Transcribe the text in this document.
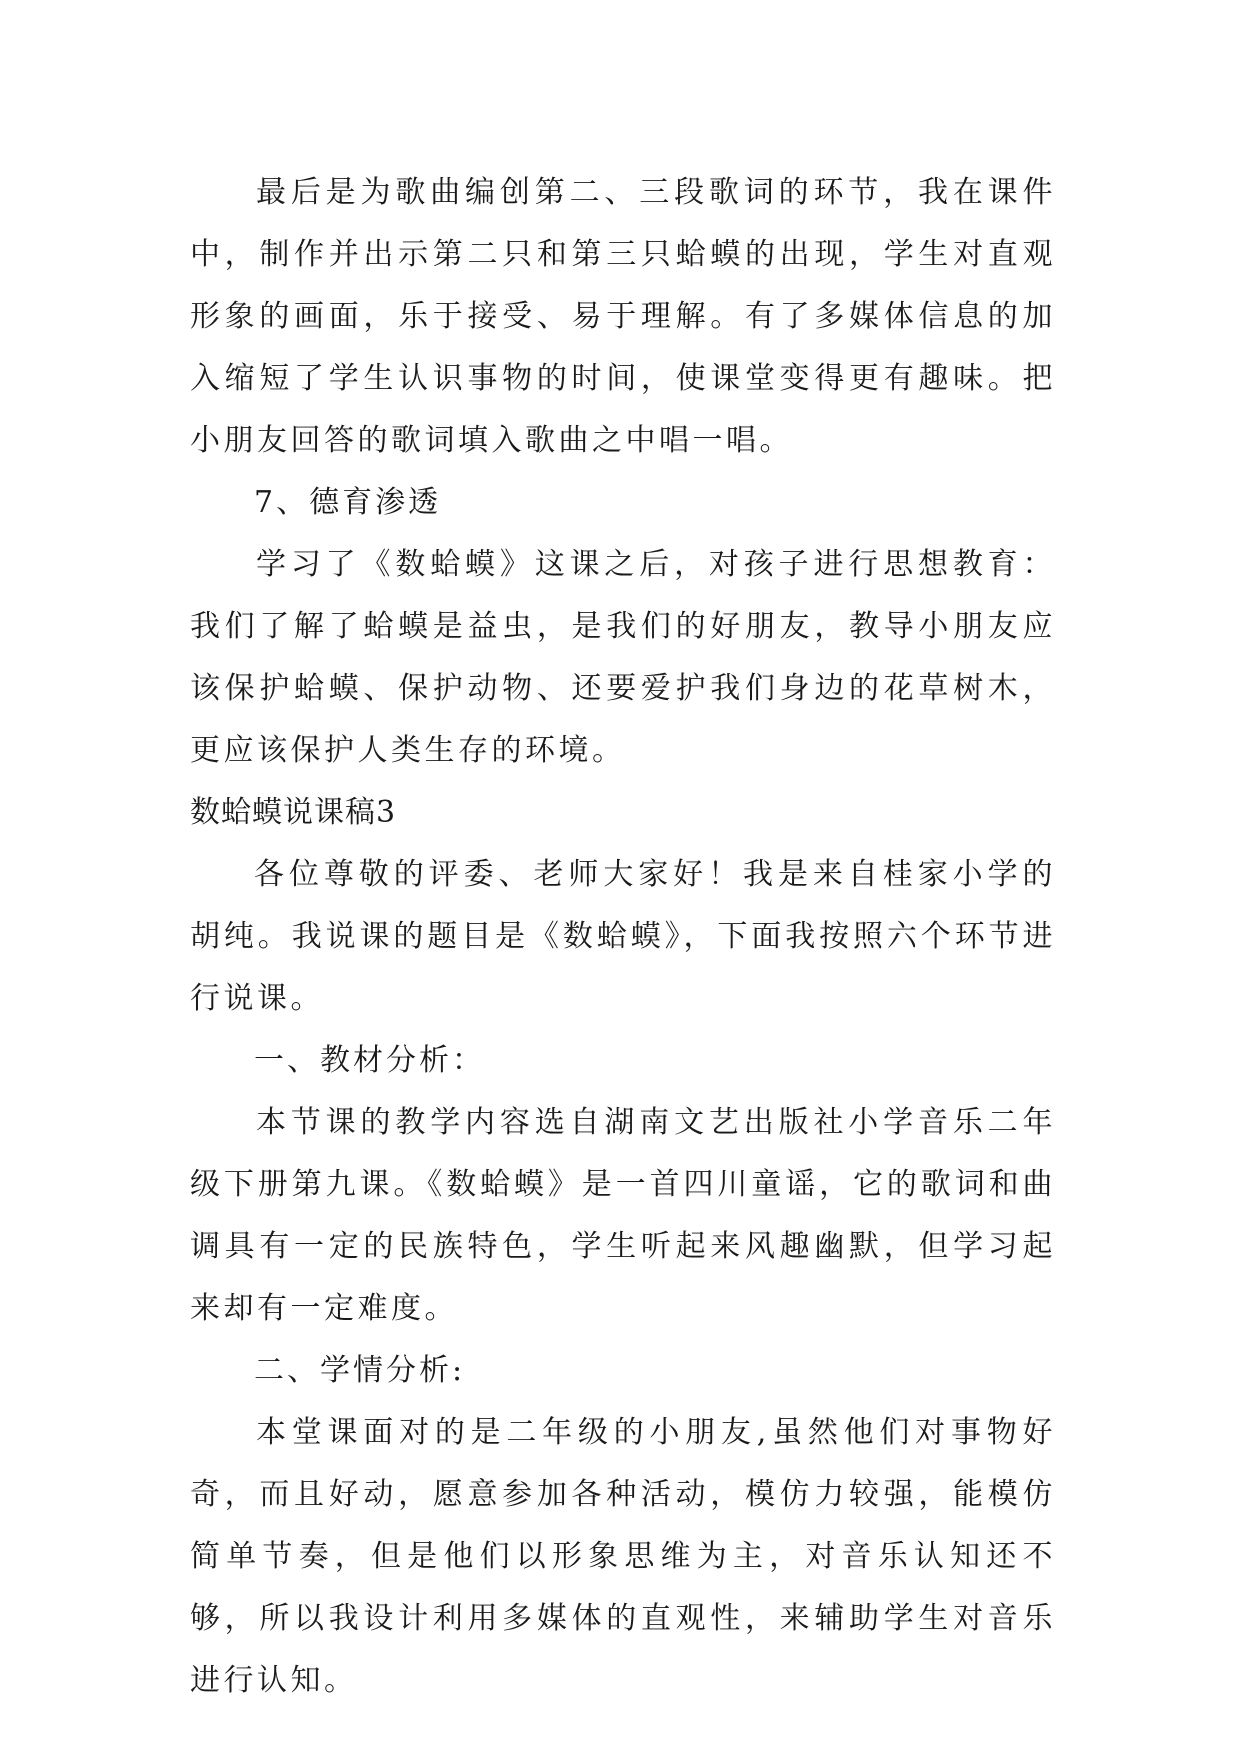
最后是为歌曲编创第二、三段歌词的环节，我在课件中，制作并出示第二只和第三只蛤蟆的出现，学生对直观形象的画面，乐于接受、易于理解。有了多媒体信息的加入缩短了学生认识事物的时间，使课堂变得更有趣味。把小朋友回答的歌词填入歌曲之中唱一唱。

7、德育渗透

学习了《数蛤蟆》这课之后，对孩子进行思想教育：我们了解了蛤蟆是益虫，是我们的好朋友，教导小朋友应该保护蛤蟆、保护动物、还要爱护我们身边的花草树木，更应该保护人类生存的环境。

数蛤蟆说课稿3

各位尊敬的评委、老师大家好！我是来自桂家小学的胡纯。我说课的题目是《数蛤蟆》，下面我按照六个环节进行说课。

一、教材分析：

本节课的教学内容选自湖南文艺出版社小学音乐二年级下册第九课。《数蛤蟆》是一首四川童谣，它的歌词和曲调具有一定的民族特色，学生听起来风趣幽默，但学习起来却有一定难度。

二、学情分析:

本堂课面对的是二年级的小朋友,虽然他们对事物好奇，而且好动，愿意参加各种活动，模仿力较强，能模仿简单节奏，但是他们以形象思维为主，对音乐认知还不够，所以我设计利用多媒体的直观性，来辅助学生对音乐进行认知。
